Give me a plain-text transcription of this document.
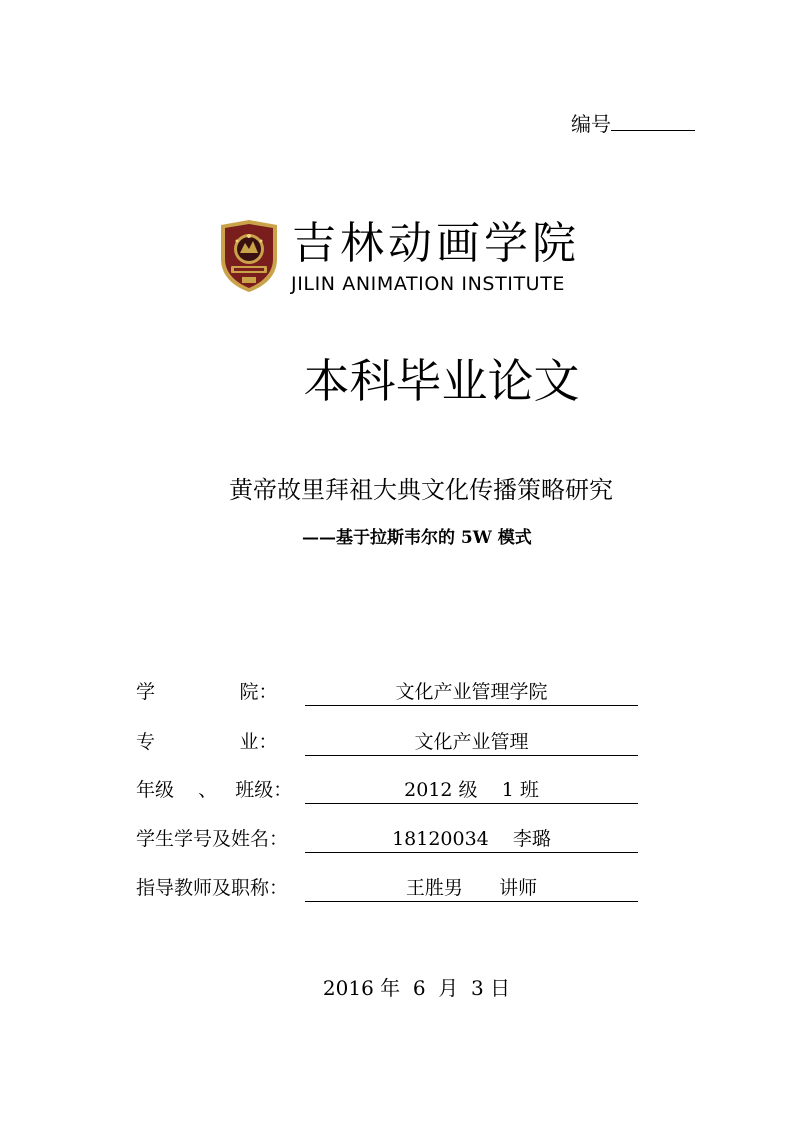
编号
吉林动画学院
JILIN ANIMATION INSTITUTE
本科毕业论文
黄帝故里拜祖大典文化传播策略研究
——基于拉斯韦尔的 5W 模式
学              院：	文化产业管理学院
专              业：	文化产业管理
年级    、   班级：	2012 级    1 班
学生学号及姓名：	18120034    李璐
指导教师及职称：	王胜男      讲师
2016 年  6  月  3 日
